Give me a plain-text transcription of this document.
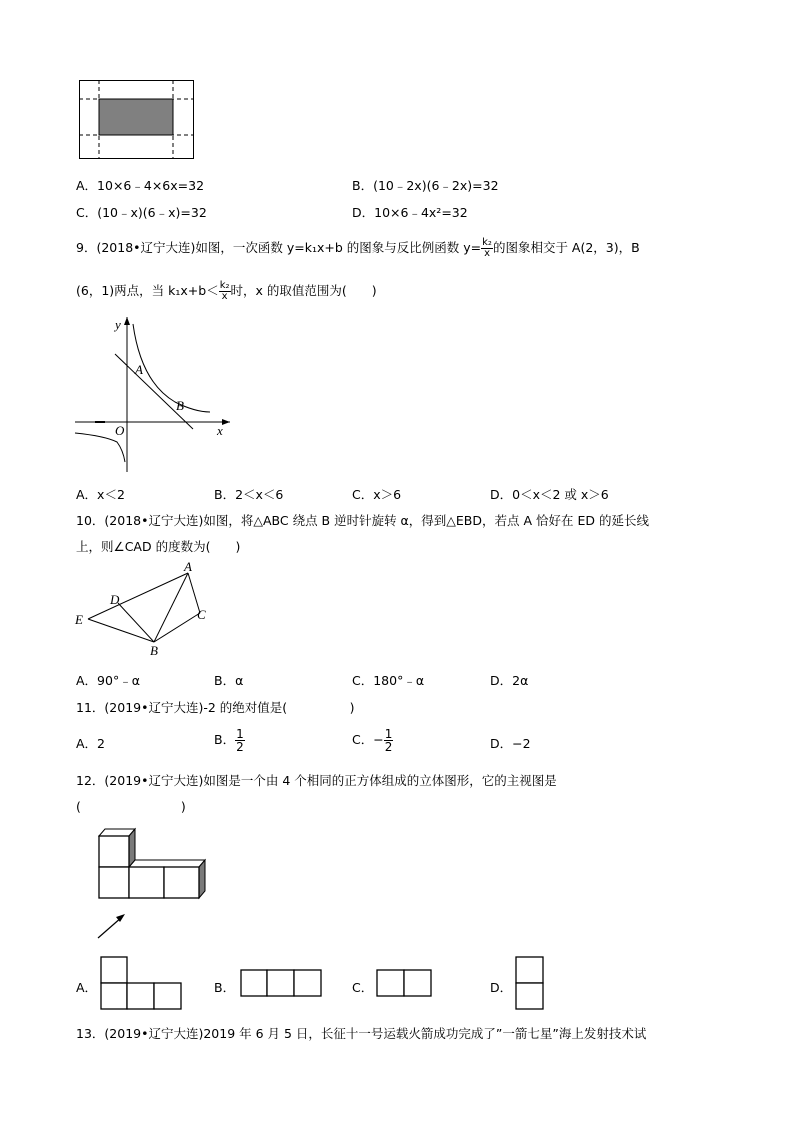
A．10×6﹣4×6x=32	B．(10﹣2x)(6﹣2x)=32
C．(10﹣x)(6﹣x)=32	D．10×6﹣4x²=32
9．(2018•辽宁大连)如图，一次函数 y=k₁x+b 的图象与反比例函数 $y= \frac{\text{k₂}}{x}$ 的图象相交于 A(2，3)，B
(6，1)两点，当 $k_1x+b< \frac{\text{k₂}}{x}$ 时，x 的取值范围为(　　)
y
x
O
A
B
A．x＜2	B．2＜x＜6	C．x＞6	D．0＜x＜2 或 x＞6
10．(2018•辽宁大连)如图，将△ABC 绕点 B 逆时针旋转 α，得到△EBD，若点 A 恰好在 ED 的延长线
上，则∠CAD 的度数为(　　)
A
B
C
D
E
A．90°﹣α	B．α	C．180°﹣α	D．2α
11．(2019•辽宁大连)-2 的绝对值是(　　　　　)
A．2	B． $\frac{1}{2}$	C．− $\frac{1}{2}$	D．−2
12．(2019•辽宁大连)如图是一个由 4 个相同的正方体组成的立体图形，它的主视图是
(　　　　　　　　)
A．	B．	C．	D．
13．(2019•辽宁大连)2019 年 6 月 5 日，长征十一号运载火箭成功完成了”一箭七星”海上发射技术试
